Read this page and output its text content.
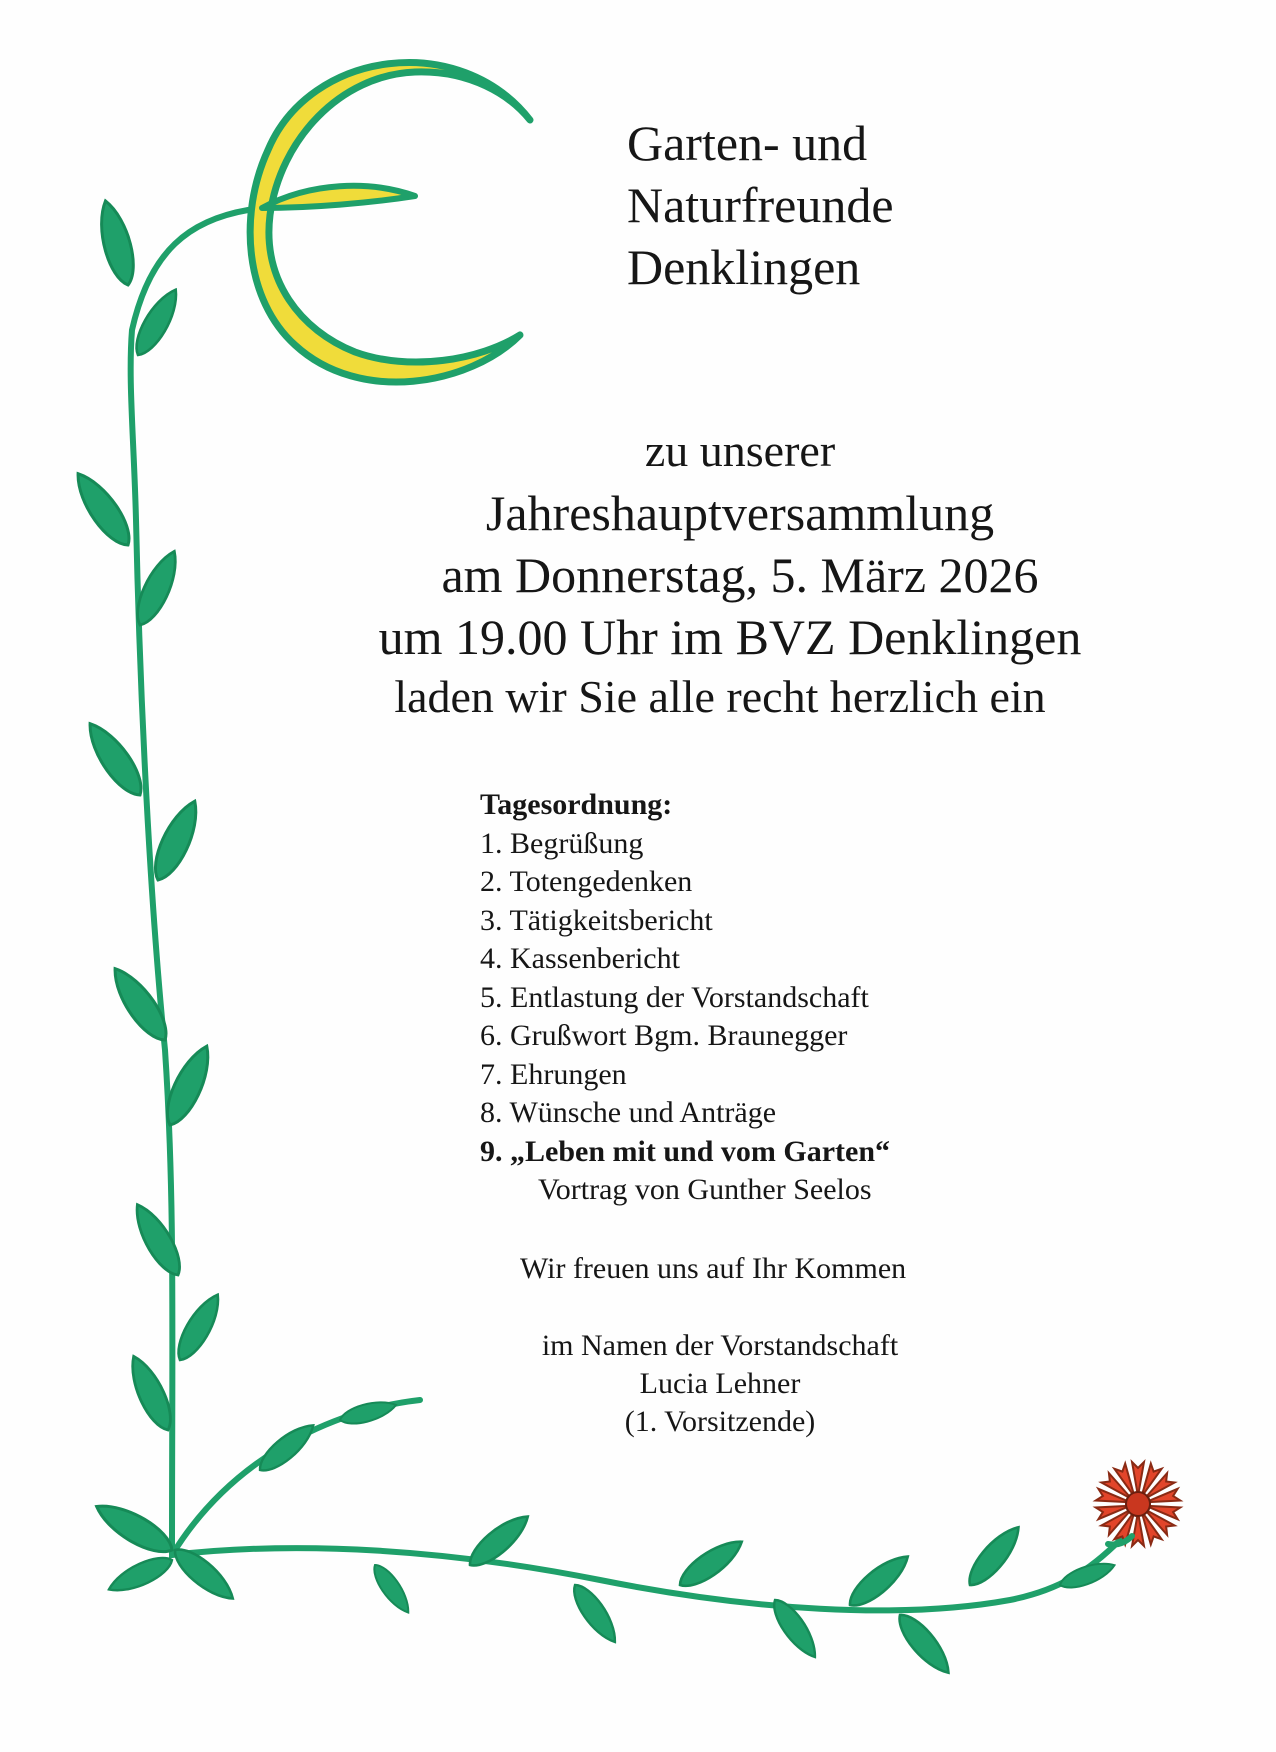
Garten- und
Naturfreunde
Denklingen
zu unserer
Jahreshauptversammlung
am Donnerstag, 5. März 2026
um 19.00 Uhr im BVZ Denklingen
laden wir Sie alle recht herzlich ein
Tagesordnung:
1. Begrüßung
2. Totengedenken
3. Tätigkeitsbericht
4. Kassenbericht
5. Entlastung der Vorstandschaft
6. Grußwort Bgm. Braunegger
7. Ehrungen
8. Wünsche und Anträge
9. „Leben mit und vom Garten“
Vortrag von Gunther Seelos
Wir freuen uns auf Ihr Kommen
im Namen der Vorstandschaft
Lucia Lehner
(1. Vorsitzende)
